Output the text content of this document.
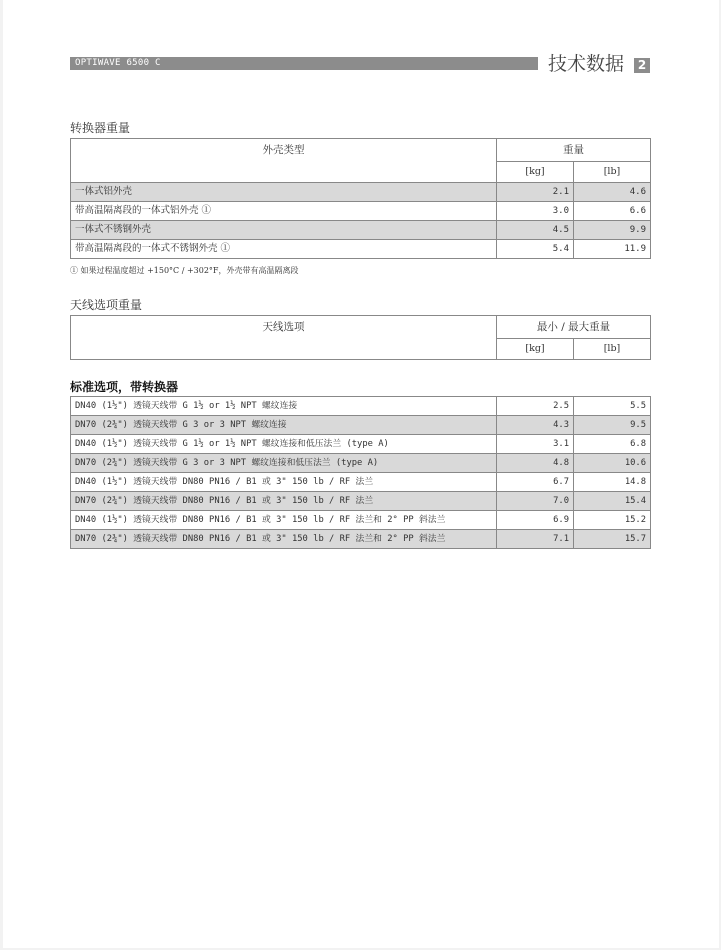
OPTIWAVE 6500 C	技术数据	2
转换器重量
外壳类型	重量	
	[kg]	[lb]
一体式铝外壳	2.1	4.6
带高温隔离段的一体式铝外壳 ①	3.0	6.6
一体式不锈钢外壳	4.5	9.9
带高温隔离段的一体式不锈钢外壳 ①	5.4	11.9
① 如果过程温度超过 +150°C / +302°F，外壳带有高温隔离段
天线选项重量
天线选项	最小 / 最大重量	
	[kg]	[lb]
标准选项，带转换器
DN40 (1½") 透镜天线带 G 1½ or 1½ NPT 螺纹连接	2.5	5.5
DN70 (2¾") 透镜天线带 G 3 or 3 NPT 螺纹连接	4.3	9.5
DN40 (1½") 透镜天线带 G 1½ or 1½ NPT 螺纹连接和低压法兰 (type A)	3.1	6.8
DN70 (2¾") 透镜天线带 G 3 or 3 NPT 螺纹连接和低压法兰 (type A)	4.8	10.6
DN40 (1½") 透镜天线带 DN80 PN16 / B1 或 3" 150 lb / RF 法兰	6.7	14.8
DN70 (2¾") 透镜天线带 DN80 PN16 / B1 或 3" 150 lb / RF 法兰	7.0	15.4
DN40 (1½") 透镜天线带 DN80 PN16 / B1 或 3" 150 lb / RF 法兰和 2° PP 斜法兰	6.9	15.2
DN70 (2¾") 透镜天线带 DN80 PN16 / B1 或 3" 150 lb / RF 法兰和 2° PP 斜法兰	7.1	15.7
